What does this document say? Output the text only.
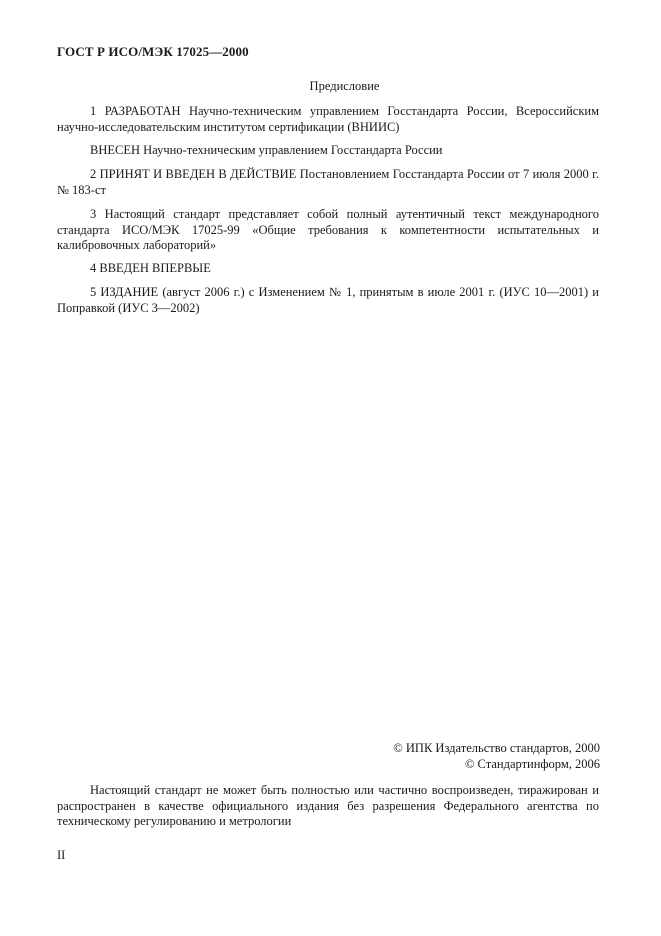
ГОСТ Р ИСО/МЭК 17025—2000
Предисловие

1 РАЗРАБОТАН Научно-техническим управлением Госстандарта России, Всероссийским научно-исследовательским институтом сертификации (ВНИИС)

ВНЕСЕН Научно-техническим управлением Госстандарта России

2 ПРИНЯТ И ВВЕДЕН В ДЕЙСТВИЕ Постановлением Госстандарта России от 7 июля 2000 г. № 183-ст

3 Настоящий стандарт представляет собой полный аутентичный текст международного стандарта ИСО/МЭК 17025-99 «Общие требования к компетентности испытательных и калибровочных лабораторий»

4 ВВЕДЕН ВПЕРВЫЕ

5 ИЗДАНИЕ (август 2006 г.) с Изменением № 1, принятым в июле 2001 г. (ИУС 10—2001) и Поправкой (ИУС 3—2002)

© ИПК Издательство стандартов, 2000
© Стандартинформ, 2006

Настоящий стандарт не может быть полностью или частично воспроизведен, тиражирован и распространен в качестве официального издания без разрешения Федерального агентства по техническому регулированию и метрологии

II
